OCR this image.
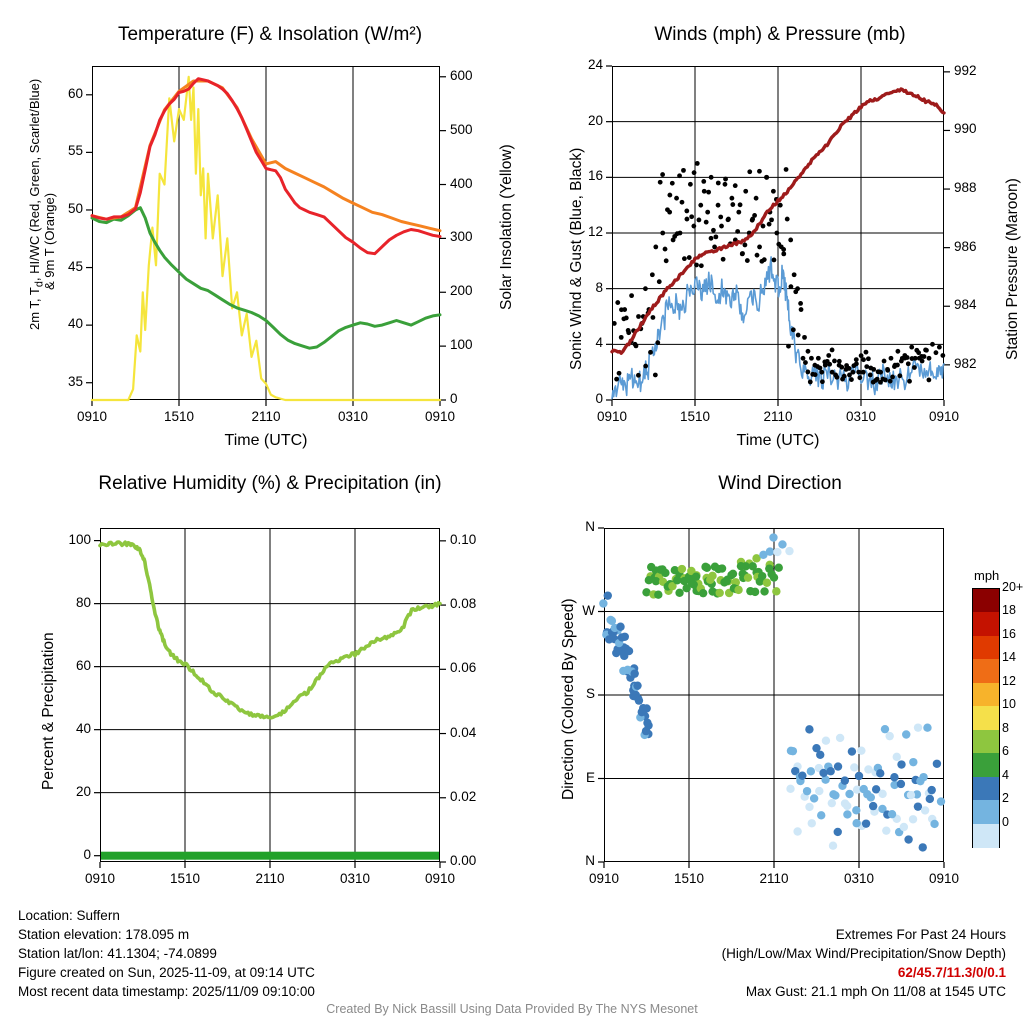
Temperature (F) & Insolation (W/m²)	Winds (mph) & Pressure (mb)
Relative Humidity (%) & Precipitation (in)	Wind Direction
0910	1510	2110	0310	0910
35
40
45
50
55
60
0
100
200
300
400
500
600
Time (UTC)
Solar Insolation (Yellow)
2m T, $T_d$, HI/WC (Red, Green, Scarlet/Blue) & 9m T (Orange)
0910	1510	2110	0310	0910
0
4
8
12
16
20
24
982
984
986
988
990
992
Time (UTC)
Sonic Wind & Gust (Blue, Black)	Station Pressure (Maroon)
0910	1510	2110	0310	0910
0
20
40
60
80
100
0.00
0.02
0.04
0.06
0.08
0.10
Percent & Precipitation
0910	1510	2110	0310	0910
N
W
S
E
N
Direction (Colored By Speed)
mph
20+
18
16
14
12
10
8
6
4
2
0
Location: Suffern
Station elevation: 178.095 m
Station lat/lon: 41.1304; -74.0899
Figure created on Sun, 2025-11-09, at 09:14 UTC
Most recent data timestamp: 2025/11/09 09:10:00
Extremes For Past 24 Hours
(High/Low/Max Wind/Precipitation/Snow Depth)
62/45.7/11.3/0/0.1
Max Gust: 21.1 mph On 11/08 at 1545 UTC
Created By Nick Bassill Using Data Provided By The NYS Mesonet
